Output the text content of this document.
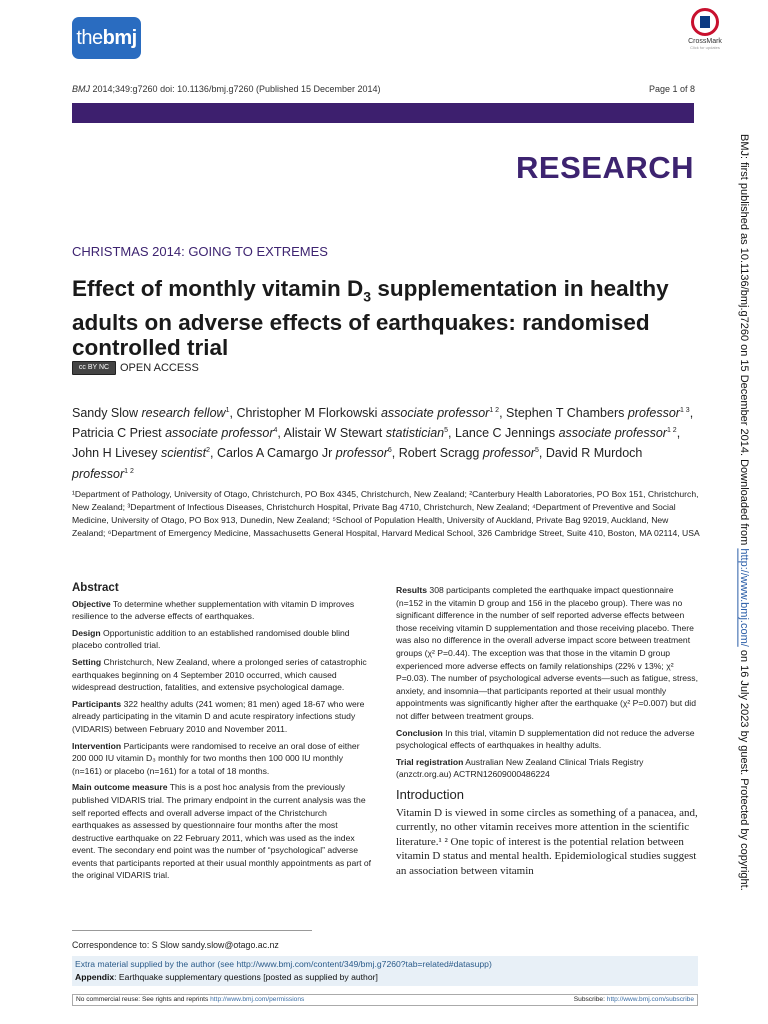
thebmj	CrossMark
Click for updates
BMJ 2014;349:g7260 doi: 10.1136/bmj.g7260 (Published 15 December 2014)	Page 1 of 8
RESEARCH
CHRISTMAS 2014: GOING TO EXTREMES
Effect of monthly vitamin $D_3$ supplementation in healthy adults on adverse effects of earthquakes: randomised controlled trial
cc BY NC OPEN ACCESS
Sandy Slow research fellow$^1$, Christopher M Florkowski associate professor$^{1 2}$, Stephen T Chambers professor$^{1 3}$, Patricia C Priest associate professor$^4$, Alistair W Stewart statistician$^5$, Lance C Jennings associate professor$^{1 2}$, John H Livesey scientist$^2$, Carlos A Camargo Jr professor$^6$, Robert Scragg professor$^5$, David R Murdoch professor$^{1 2}$
¹Department of Pathology, University of Otago, Christchurch, PO Box 4345, Christchurch, New Zealand; ²Canterbury Health Laboratories, PO Box 151, Christchurch, New Zealand; ³Department of Infectious Diseases, Christchurch Hospital, Private Bag 4710, Christchurch, New Zealand; ⁴Department of Preventive and Social Medicine, University of Otago, PO Box 913, Dunedin, New Zealand; ⁵School of Population Health, University of Auckland, Private Bag 92019, Auckland, New Zealand; ⁶Department of Emergency Medicine, Massachusetts General Hospital, Harvard Medical School, 326 Cambridge Street, Suite 410, Boston, MA 02114, USA
Abstract

Objective To determine whether supplementation with vitamin D improves resilience to the adverse effects of earthquakes.

Design Opportunistic addition to an established randomised double blind placebo controlled trial.

Setting Christchurch, New Zealand, where a prolonged series of catastrophic earthquakes beginning on 4 September 2010 occurred, which caused widespread destruction, fatalities, and extensive psychological damage.

Participants 322 healthy adults (241 women; 81 men) aged 18-67 who were already participating in the vitamin D and acute respiratory infections study (VIDARIS) between February 2010 and November 2011.

Intervention Participants were randomised to receive an oral dose of either 200 000 IU vitamin D₃ monthly for two months then 100 000 IU monthly (n=161) or placebo (n=161) for a total of 18 months.

Main outcome measure This is a post hoc analysis from the previously published VIDARIS trial. The primary endpoint in the current analysis was the self reported effects and overall adverse impact of the Christchurch earthquakes as assessed by questionnaire four months after the most destructive earthquake on 22 February 2011, which was used as the index event. The secondary end point was the number of “psychological” adverse events that participants reported at their usual monthly appointments as part of the original VIDARIS trial.

Results 308 participants completed the earthquake impact questionnaire (n=152 in the vitamin D group and 156 in the placebo group). There was no significant difference in the number of self reported adverse effects between those receiving vitamin D supplementation and those receiving placebo. There was also no difference in the overall adverse impact score between treatment groups (χ² P=0.44). The exception was that those in the vitamin D group experienced more adverse effects on family relationships (22% v 13%; χ² P=0.03). The number of psychological adverse events—such as fatigue, stress, anxiety, and insomnia—that participants reported at their usual monthly appointments was significantly higher after the earthquake (χ² P=0.007) but did not differ between treatment groups.

Conclusion In this trial, vitamin D supplementation did not reduce the adverse psychological effects of earthquakes in healthy adults.

Trial registration Australian New Zealand Clinical Trials Registry (anzctr.org.au) ACTRN12609000486224

Introduction
Vitamin D is viewed in some circles as something of a panacea, and, currently, no other vitamin receives more attention in the scientific literature.¹ ² One topic of interest is the potential relation between vitamin D status and mental health. Epidemiological studies suggest an association between vitamin
Correspondence to: S Slow sandy.slow@otago.ac.nz
Extra material supplied by the author (see http://www.bmj.com/content/349/bmj.g7260?tab=related#datasupp)
Appendix: Earthquake supplementary questions [posted as supplied by author]
No commercial reuse: See rights and reprints http://www.bmj.com/permissions	Subscribe: http://www.bmj.com/subscribe
BMJ: first published as 10.1136/bmj.g7260 on 15 December 2014. Downloaded from http://www.bmj.com/ on 16 July 2023 by guest. Protected by copyright.
